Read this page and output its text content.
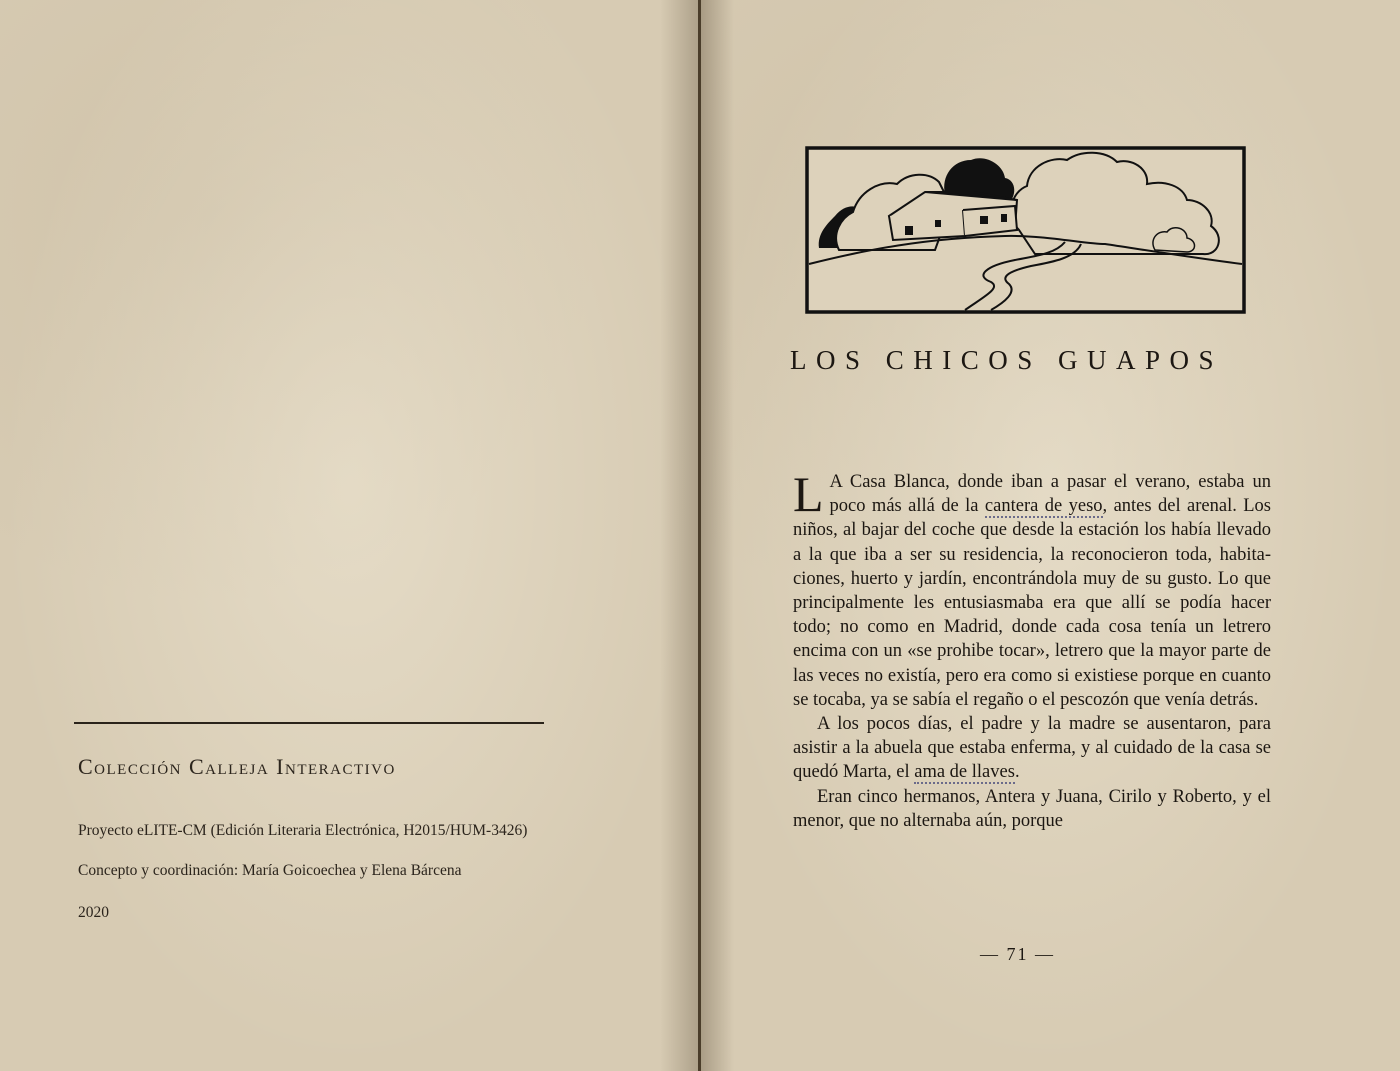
Colección Calleja Interactivo
Proyecto eLITE-CM (Edición Literaria Electrónica, H2015/HUM-3426)
Concepto y coordinación: María Goicoechea y Elena Bárcena
2020
LOS CHICOS GUAPOS

L A Casa Blanca, donde iban a pasar el verano, estaba un poco más allá de la cantera de yeso, antes del arenal. Los niños, al bajar del coche que desde la estación los había llevado a la que iba a ser su residencia, la reconocieron toda, habitaciones, huerto y jardín, encontrándola muy de su gusto. Lo que principalmente les entusiasmaba era que allí se podía hacer todo; no como en Madrid, donde cada cosa tenía un letrero encima con un «se prohibe tocar», letrero que la mayor parte de las veces no existía, pero era como si existiese porque en cuanto se tocaba, ya se sabía el regaño o el pescozón que venía detrás.

A los pocos días, el padre y la madre se ausentaron, para asistir a la abuela que estaba enferma, y al cuidado de la casa se quedó Marta, el ama de llaves.

Eran cinco hermanos, Antera y Juana, Cirilo y Roberto, y el menor, que no alternaba aún, porque

— 71 —
